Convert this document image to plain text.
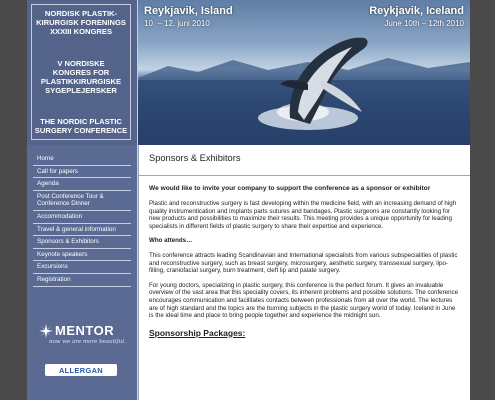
NORDISK PLASTIK-
KIRURGISK FORENINGS
XXXIII KONGRES
V NORDISKE
KONGRES FOR
PLASTIKKIRURGISKE
SYGEPLEJERSKER
THE NORDIC PLASTIC
SURGERY CONFERENCE
Reykjavik, Island
10. – 12. juni 2010
Reykjavik, Iceland
June 10th – 12th 2010
Home
Call for papers
Agenda
Post Conference Tour & Conference Dinner
Accommodation
Travel & general information
Sponsors & Exhibitors
Keynote speakers
Excursions
Registration
MENTOR
now we are more beautiful.
ALLERGAN
Sponsors & Exhibitors

We would like to invite your company to support the conference as a sponsor or exhibitor

Plastic and reconstructive surgery is fast developing within the medicine field, with an increasing demand of high quality instrumentication and implants parts sutures and bandages. Plastic surgeons are constantly looking for new products and possibilities to maximize their results. This meeting provides a unique opportunity for leading specialists in different fields of plastic surgery to share their expertise and experience.

Who attends…

This conference attracts leading Scandinavian and International specialists from various subspecialities of plastic and reconstructive surgery, such as breast surgery, microsurgery, aesthetic surgery, transsexual surgery, lipo-filling, craniofacial surgery, burn treatment, cleft lip and palate surgery.

For young doctors, specializing in plastic surgery, this conference is the perfect forum. It gives an invaluable overview of the vast area that this speciality covers, its inherent problems and possible solutions. The conference encourages communication and facilitates contacts between professionals from all over the world. The lectures are of high standard and the topics are the burning subjects in the plastic surgery world of today. Iceland in June is the ideal time and place to bring people together and experience the midnight sun.

Sponsorship Packages:
